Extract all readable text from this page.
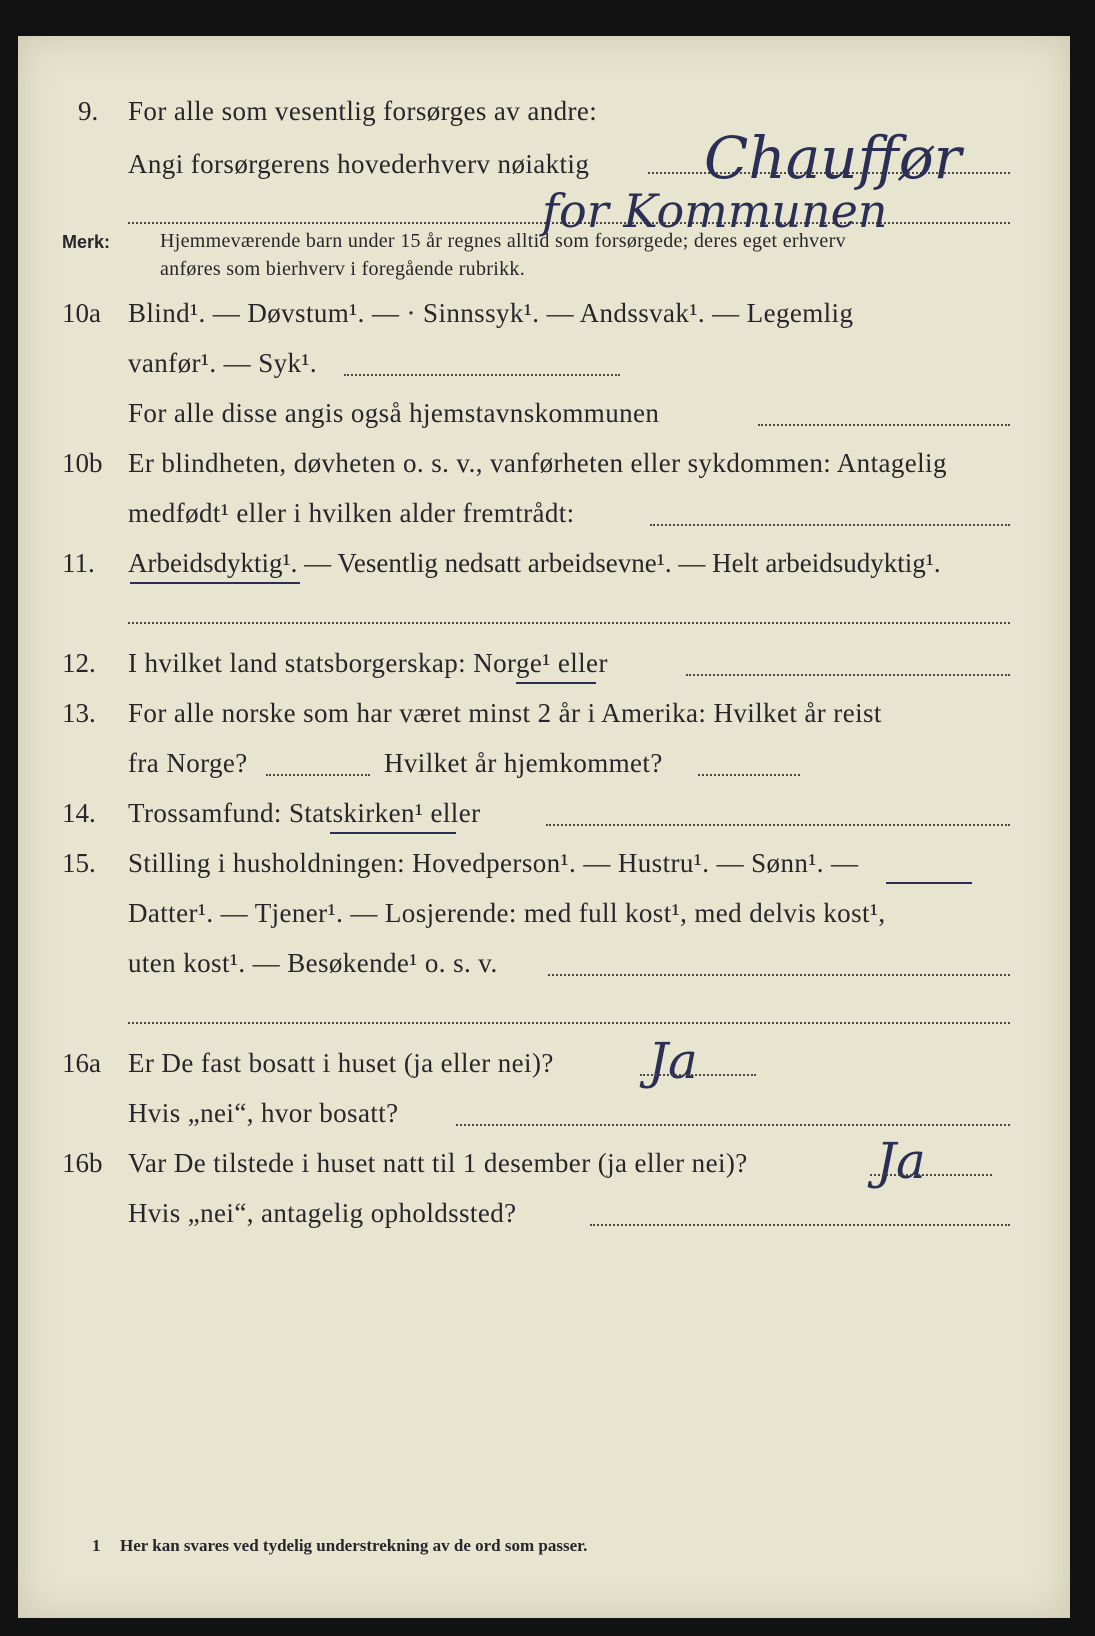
9. For alle som vesentlig forsørges av andre:
Angi forsørgerens hovederhverv nøiaktig Chauffør
for Kommunen
Merk: Hjemmeværende barn under 15 år regnes alltid som forsørgede; deres eget erhverv
anføres som bierhverv i foregående rubrikk.
10a Blind¹. — Døvstum¹. — · Sinnssyk¹. — Andssvak¹. — Legemlig
vanfør¹. — Syk¹.
For alle disse angis også hjemstavnskommunen
10b Er blindheten, døvheten o. s. v., vanførheten eller sykdommen: Antagelig
medfødt¹ eller i hvilken alder fremtrådt:
11. Arbeidsdyktig¹. — Vesentlig nedsatt arbeidsevne¹. — Helt arbeidsudyktig¹.
12. I hvilket land statsborgerskap: Norge¹ eller
13. For alle norske som har været minst 2 år i Amerika: Hvilket år reist
fra Norge?	Hvilket år hjemkommet?
14. Trossamfund: Statskirken¹ eller
15. Stilling i husholdningen: Hovedperson¹. — Hustru¹. — Sønn¹. —
Datter¹. — Tjener¹. — Losjerende: med full kost¹, med delvis kost¹,
uten kost¹. — Besøkende¹ o. s. v.
16a Er De fast bosatt i huset (ja eller nei)? Ja
Hvis „nei“, hvor bosatt?
16b Var De tilstede i huset natt til 1 desember (ja eller nei)?	Ja
Hvis „nei“, antagelig opholdssted?
1 Her kan svares ved tydelig understrekning av de ord som passer.
